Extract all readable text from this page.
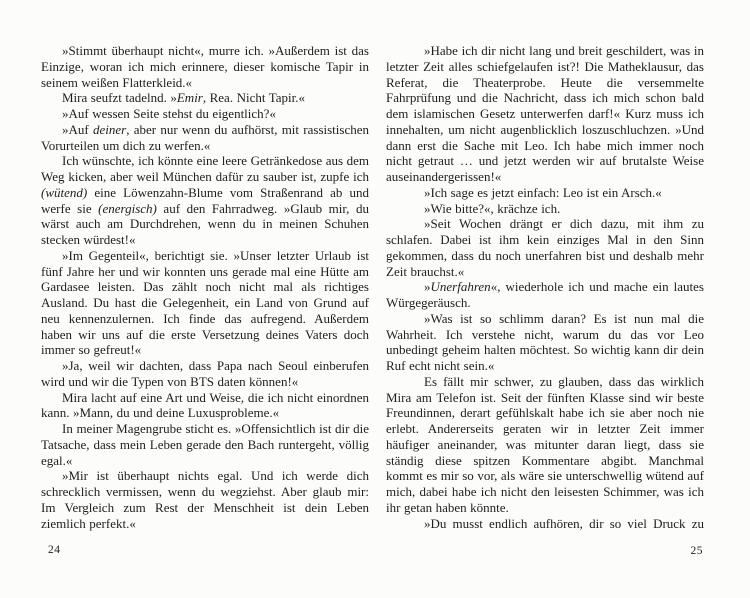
»Stimmt überhaupt nicht«, murre ich. »Außerdem ist das Einzige, woran ich mich erinnere, dieser komische Tapir in seinem weißen Flatterkleid.«

Mira seufzt tadelnd. »Emir, Rea. Nicht Tapir.«

»Auf wessen Seite stehst du eigentlich?«

»Auf deiner, aber nur wenn du aufhörst, mit rassistischen Vorurteilen um dich zu werfen.«

Ich wünschte, ich könnte eine leere Getränkedose aus dem Weg kicken, aber weil München dafür zu sauber ist, zupfe ich (wütend) eine Löwenzahn-Blume vom Straßenrand ab und werfe sie (energisch) auf den Fahrradweg. »Glaub mir, du wärst auch am Durchdrehen, wenn du in meinen Schuhen stecken würdest!«

»Im Gegenteil«, berichtigt sie. »Unser letzter Urlaub ist fünf Jahre her und wir konnten uns gerade mal eine Hütte am Gardasee leisten. Das zählt noch nicht mal als richtiges Ausland. Du hast die Gelegenheit, ein Land von Grund auf neu kennenzulernen. Ich finde das aufregend. Außerdem haben wir uns auf die erste Versetzung deines Vaters doch immer so gefreut!«

»Ja, weil wir dachten, dass Papa nach Seoul einberufen wird und wir die Typen von BTS daten können!«

Mira lacht auf eine Art und Weise, die ich nicht einordnen kann. »Mann, du und deine Luxusprobleme.«

In meiner Magengrube sticht es. »Offensichtlich ist dir die Tatsache, dass mein Leben gerade den Bach runtergeht, völlig egal.«

»Mir ist überhaupt nichts egal. Und ich werde dich schrecklich vermissen, wenn du wegziehst. Aber glaub mir: Im Vergleich zum Rest der Menschheit ist dein Leben ziemlich perfekt.«

»Habe ich dir nicht lang und breit geschildert, was in letzter Zeit alles schiefgelaufen ist?! Die Matheklausur, das Referat, die Theaterprobe. Heute die versemmelte Fahrprüfung und die Nachricht, dass ich mich schon bald dem islamischen Gesetz unterwerfen darf!« Kurz muss ich innehalten, um nicht augenblicklich loszuschluchzen. »Und dann erst die Sache mit Leo. Ich habe mich immer noch nicht getraut … und jetzt werden wir auf brutalste Weise auseinandergerissen!«

»Ich sage es jetzt einfach: Leo ist ein Arsch.«

»Wie bitte?«, krächze ich.

»Seit Wochen drängt er dich dazu, mit ihm zu schlafen. Dabei ist ihm kein einziges Mal in den Sinn gekommen, dass du noch unerfahren bist und deshalb mehr Zeit brauchst.«

»Unerfahren«, wiederhole ich und mache ein lautes Würgegeräusch.

»Was ist so schlimm daran? Es ist nun mal die Wahrheit. Ich verstehe nicht, warum du das vor Leo unbedingt geheim halten möchtest. So wichtig kann dir dein Ruf echt nicht sein.«

Es fällt mir schwer, zu glauben, dass das wirklich Mira am Telefon ist. Seit der fünften Klasse sind wir beste Freundinnen, derart gefühlskalt habe ich sie aber noch nie erlebt. Andererseits geraten wir in letzter Zeit immer häufiger aneinander, was mitunter daran liegt, dass sie ständig diese spitzen Kommentare abgibt. Manchmal kommt es mir so vor, als wäre sie unterschwellig wütend auf mich, dabei habe ich nicht den leisesten Schimmer, was ich ihr getan haben könnte.

»Du musst endlich aufhören, dir so viel Druck zu

24	25
